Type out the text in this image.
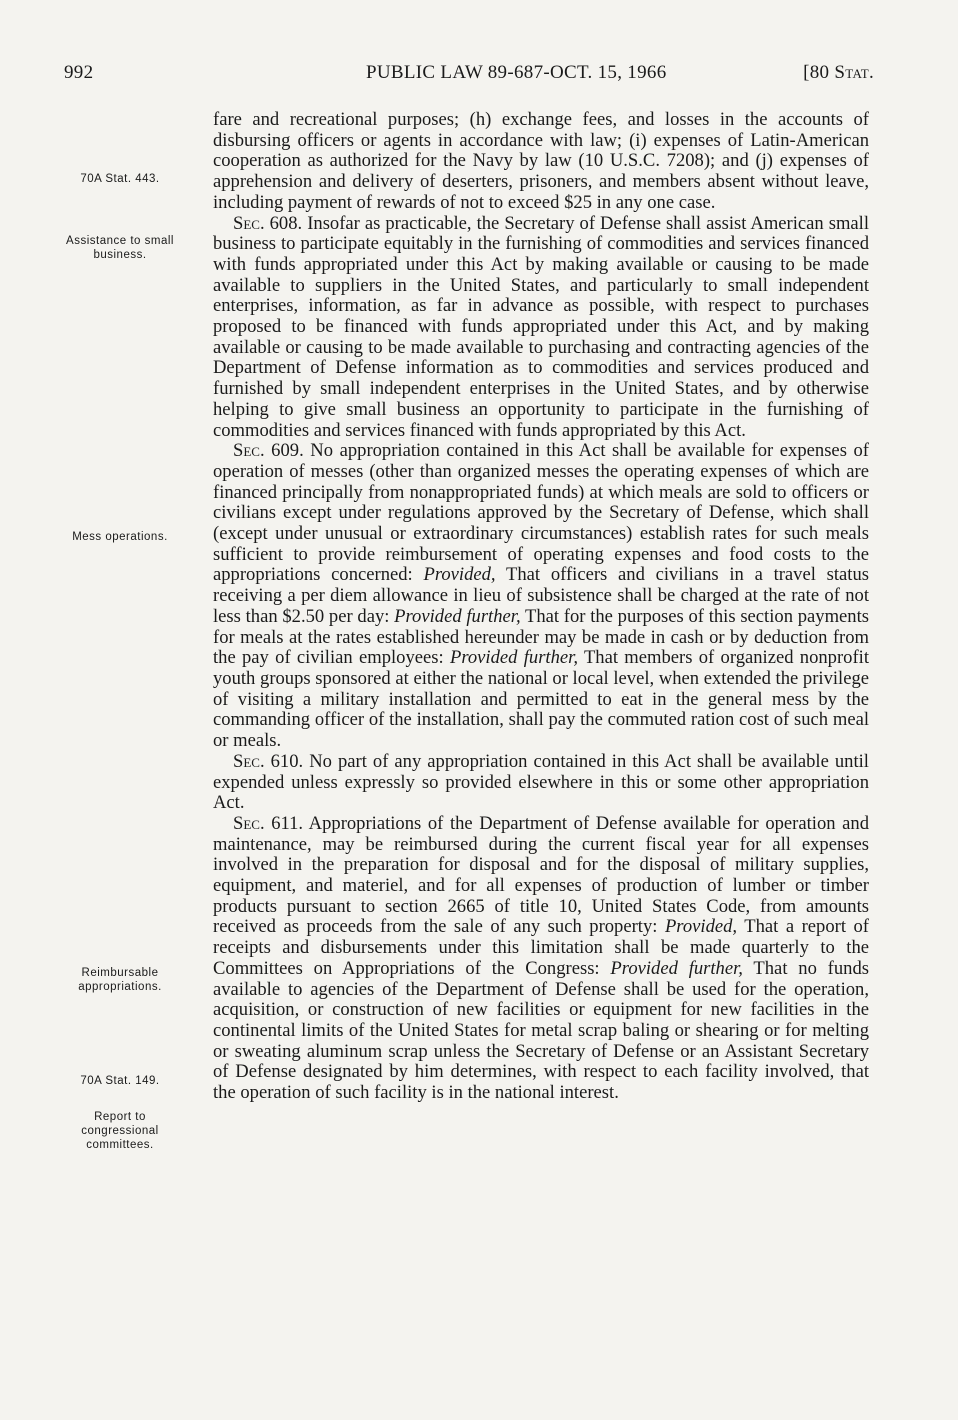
992	PUBLIC LAW 89-687-OCT. 15, 1966	[80 Stat.
70A Stat. 443.
Assistance to small business.
Mess operations.
Reimbursable appropriations.
70A Stat. 149.
Report to congressional committees.

fare and recreational purposes; (h) exchange fees, and losses in the accounts of disbursing officers or agents in accordance with law; (i) expenses of Latin-American cooperation as authorized for the Navy by law (10 U.S.C. 7208); and (j) expenses of apprehension and delivery of deserters, prisoners, and members absent without leave, including payment of rewards of not to exceed $25 in any one case.

Sec. 608. Insofar as practicable, the Secretary of Defense shall assist American small business to participate equitably in the furnishing of commodities and services financed with funds appropriated under this Act by making available or causing to be made available to suppliers in the United States, and particularly to small independent enterprises, information, as far in advance as possible, with respect to purchases proposed to be financed with funds appropriated under this Act, and by making available or causing to be made available to purchasing and contracting agencies of the Department of Defense information as to commodities and services produced and furnished by small independent enterprises in the United States, and by otherwise helping to give small business an opportunity to participate in the furnishing of commodities and services financed with funds appropriated by this Act.

Sec. 609. No appropriation contained in this Act shall be available for expenses of operation of messes (other than organized messes the operating expenses of which are financed principally from nonappropriated funds) at which meals are sold to officers or civilians except under regulations approved by the Secretary of Defense, which shall (except under unusual or extraordinary circumstances) establish rates for such meals sufficient to provide reimbursement of operating expenses and food costs to the appropriations concerned: Provided, That officers and civilians in a travel status receiving a per diem allowance in lieu of subsistence shall be charged at the rate of not less than $2.50 per day: Provided further, That for the purposes of this section payments for meals at the rates established hereunder may be made in cash or by deduction from the pay of civilian employees: Provided further, That members of organized nonprofit youth groups sponsored at either the national or local level, when extended the privilege of visiting a military installation and permitted to eat in the general mess by the commanding officer of the installation, shall pay the commuted ration cost of such meal or meals.

Sec. 610. No part of any appropriation contained in this Act shall be available until expended unless expressly so provided elsewhere in this or some other appropriation Act.

Sec. 611. Appropriations of the Department of Defense available for operation and maintenance, may be reimbursed during the current fiscal year for all expenses involved in the preparation for disposal and for the disposal of military supplies, equipment, and materiel, and for all expenses of production of lumber or timber products pursuant to section 2665 of title 10, United States Code, from amounts received as proceeds from the sale of any such property: Provided, That a report of receipts and disbursements under this limitation shall be made quarterly to the Committees on Appropriations of the Congress: Provided further, That no funds available to agencies of the Department of Defense shall be used for the operation, acquisition, or construction of new facilities or equipment for new facilities in the continental limits of the United States for metal scrap baling or shearing or for melting or sweating aluminum scrap unless the Secretary of Defense or an Assistant Secretary of Defense designated by him determines, with respect to each facility involved, that the operation of such facility is in the national interest.
